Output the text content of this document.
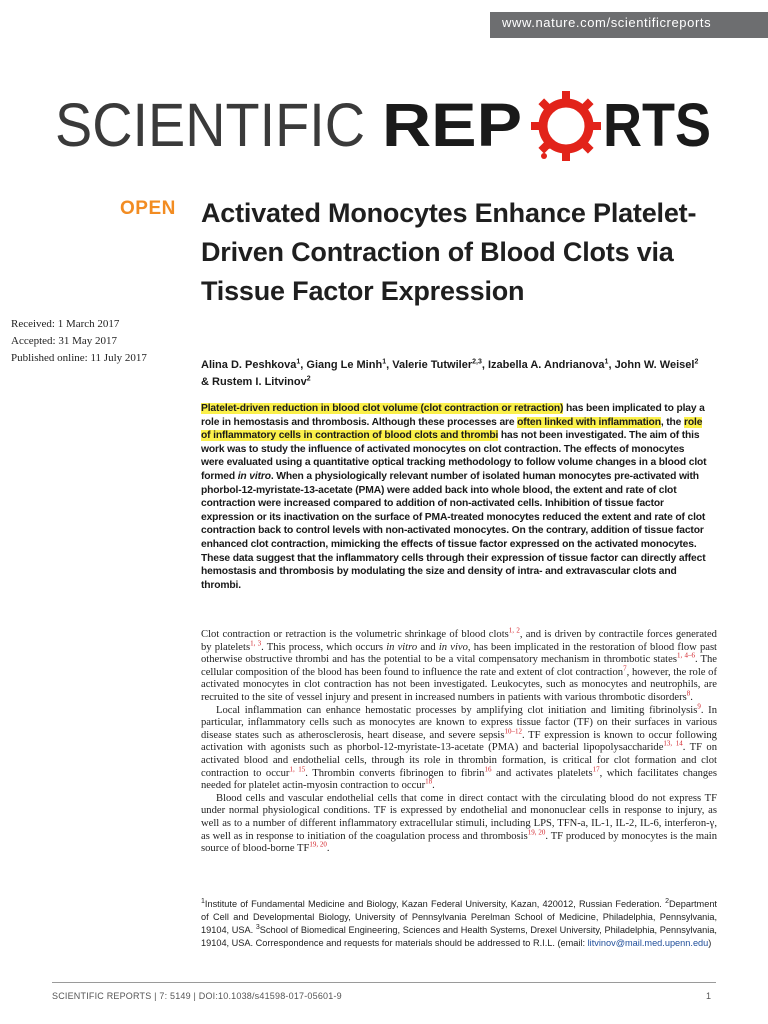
www.nature.com/scientificreports
SCIENTIFIC REP RTS
OPEN Activated Monocytes Enhance Platelet-Driven Contraction of Blood Clots via Tissue Factor Expression
Received: 1 March 2017
Accepted: 31 May 2017
Published online: 11 July 2017

Alina D. Peshkova$^1$, Giang Le Minh$^1$, Valerie Tutwiler$^{2,3}$, Izabella A. Andrianova$^1$, John W. Weisel$^2$ & Rustem I. Litvinov$^2$

Platelet-driven reduction in blood clot volume (clot contraction or retraction) has been implicated to play a role in hemostasis and thrombosis. Although these processes are often linked with inflammation, the role of inflammatory cells in contraction of blood clots and thrombi has not been investigated. The aim of this work was to study the influence of activated monocytes on clot contraction. The effects of monocytes were evaluated using a quantitative optical tracking methodology to follow volume changes in a blood clot formed in vitro. When a physiologically relevant number of isolated human monocytes pre-activated with phorbol-12-myristate-13-acetate (PMA) were added back into whole blood, the extent and rate of clot contraction were increased compared to addition of non-activated cells. Inhibition of tissue factor expression or its inactivation on the surface of PMA-treated monocytes reduced the extent and rate of clot contraction back to control levels with non-activated monocytes. On the contrary, addition of tissue factor enhanced clot contraction, mimicking the effects of tissue factor expressed on the activated monocytes. These data suggest that the inflammatory cells through their expression of tissue factor can directly affect hemostasis and thrombosis by modulating the size and density of intra- and extravascular clots and thrombi.

Clot contraction or retraction is the volumetric shrinkage of blood clots$^{1, 2}$, and is driven by contractile forces generated by platelets$^{1, 3}$. This process, which occurs in vitro and in vivo, has been implicated in the restoration of blood flow past otherwise obstructive thrombi and has the potential to be a vital compensatory mechanism in thrombotic states$^{1, 4-6}$. The cellular composition of the blood has been found to influence the rate and extent of clot contraction$^7$, however, the role of activated monocytes in clot contraction has not been investigated. Leukocytes, such as monocytes and neutrophils, are recruited to the site of vessel injury and present in increased numbers in patients with various thrombotic disorders$^8$.

Local inflammation can enhance hemostatic processes by amplifying clot initiation and limiting fibrinolysis$^9$. In particular, inflammatory cells such as monocytes are known to express tissue factor (TF) on their surfaces in various disease states such as atherosclerosis, heart disease, and severe sepsis$^{10-12}$. TF expression is known to occur following activation with agonists such as phorbol-12-myristate-13-acetate (PMA) and bacterial lipopolysaccharide$^{13, 14}$. TF on activated blood and endothelial cells, through its role in thrombin formation, is critical for clot formation and clot contraction to occur$^{1, 15}$. Thrombin converts fibrinogen to fibrin$^{16}$ and activates platelets$^{17}$, which facilitates changes needed for platelet actin-myosin contraction to occur$^{18}$.

Blood cells and vascular endothelial cells that come in direct contact with the circulating blood do not express TF under normal physiological conditions. TF is expressed by endothelial and mononuclear cells in response to injury, as well as to a number of different inflammatory extracellular stimuli, including LPS, TFN-a, IL-1, IL-2, IL-6, interferon-γ, as well as in response to initiation of the coagulation process and thrombosis$^{19, 20}$. TF produced by monocytes is the main source of blood-borne TF$^{19, 20}$.

$^1$Institute of Fundamental Medicine and Biology, Kazan Federal University, Kazan, 420012, Russian Federation. $^2$Department of Cell and Developmental Biology, University of Pennsylvania Perelman School of Medicine, Philadelphia, Pennsylvania, 19104, USA. $^3$School of Biomedical Engineering, Sciences and Health Systems, Drexel University, Philadelphia, Pennsylvania, 19104, USA. Correspondence and requests for materials should be addressed to R.I.L. (email: litvinov@mail.med.upenn.edu)

SCIENTIFIC REPORTS | 7: 5149 | DOI:10.1038/s41598-017-05601-9	1
